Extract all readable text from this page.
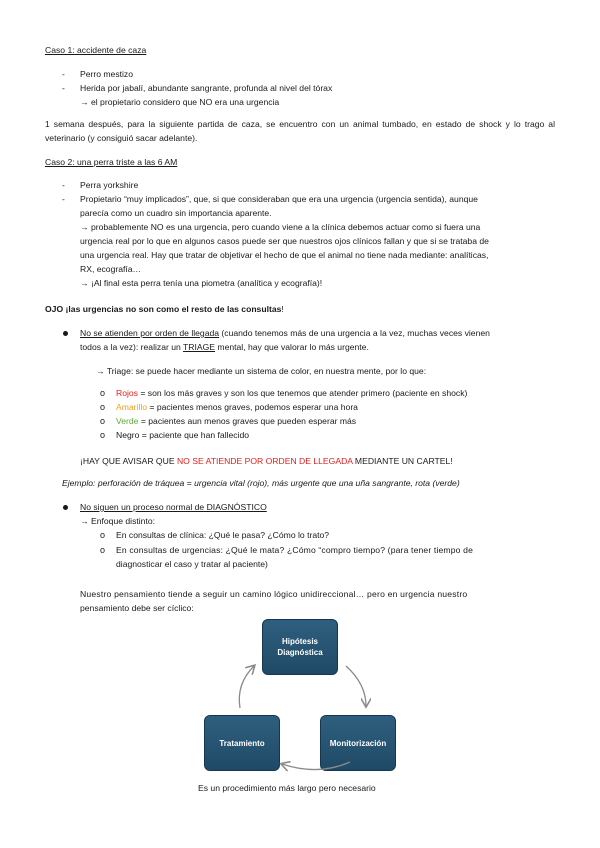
Caso 1: accidente de caza
- Perro mestizo
- Herida por jabalí, abundante sangrante, profunda al nivel del tórax
→ el propietario considero que NO era una urgencia
1 semana después, para la siguiente partida de caza, se encuentro con un animal tumbado, en estado de shock y lo trago al veterinario (y consiguió sacar adelante).
Caso 2: una perra triste a las 6 AM
- Perra yorkshire
- Propietario “muy implicados”, que, si que consideraban que era una urgencia (urgencia sentida), aunque
parecía como un cuadro sin importancia aparente.
→ probablemente NO es una urgencia, pero cuando viene a la clínica debemos actuar como si fuera una
urgencia real por lo que en algunos casos puede ser que nuestros ojos clínicos fallan y que si se trataba de
una urgencia real. Hay que tratar de objetivar el hecho de que el animal no tiene nada mediante: analíticas,
RX, ecografía…
→ ¡Al final esta perra tenía una piometra (analítica y ecografía)!
OJO ¡las urgencias no son como el resto de las consultas!
No se atienden por orden de llegada (cuando tenemos más de una urgencia a la vez, muchas veces vienen
todos a la vez): realizar un TRIAGE mental, hay que valorar lo más urgente.
→ Triage: se puede hacer mediante un sistema de color, en nuestra mente, por lo que:
o Rojos = son los más graves y son los que tenemos que atender primero (paciente en shock)
o Amarillo = pacientes menos graves, podemos esperar una hora
o Verde = pacientes aun menos graves que pueden esperar más
o Negro = paciente que han fallecido
¡HAY QUE AVISAR QUE NO SE ATIENDE POR ORDEN DE LLEGADA MEDIANTE UN CARTEL!
Ejemplo: perforación de tráquea = urgencia vital (rojo), más urgente que una uña sangrante, rota (verde)
No siguen un proceso normal de DIAGNÓSTICO
→ Enfoque distinto:
o En consultas de clínica: ¿Qué le pasa? ¿Cómo lo trato?
o En consultas de urgencias: ¿Qué le mata? ¿Cómo “compro tiempo? (para tener tiempo de
diagnosticar el caso y tratar al paciente)
Nuestro pensamiento tiende a seguir un camino lógico unidireccional… pero en urgencia nuestro
pensamiento debe ser cíclico:
Hipótesis
Diagnóstica
Tratamiento	Monitorización
Es un procedimiento más largo pero necesario
